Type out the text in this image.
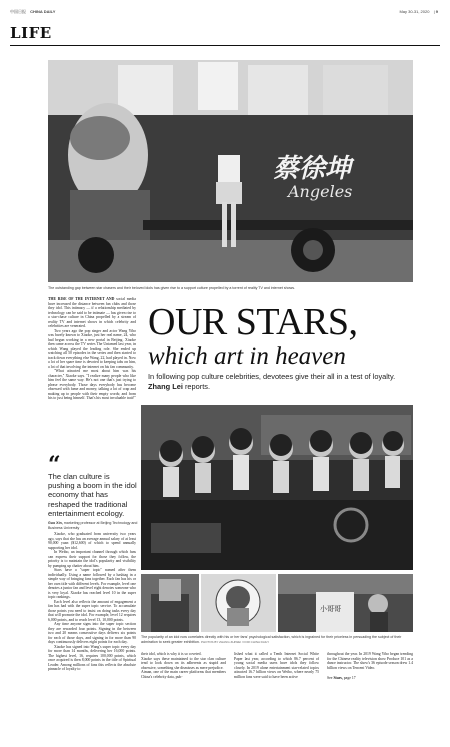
中国日报 CHINA DAILY	May 30-31, 2020 | 9
LIFE
蔡徐坤
Angeles
The outstanding gap between star chasers and their beloved idols has given rise to a support culture propelled by a torrent of reality TV and internet shows.
THE RISE OF THE INTERNET AND social media have increased the distance between fan clubs and those they idol. This intimacy — if a relationship mediated by technology can be said to be intimate — has given rise to a star-chase culture in China propelled by a stream of reality TV and internet shows in which celebrity and celebrities are venerated.
Two years ago the pop singer and actor Wang Yibo was barely known to Xiaoke, just her real name, 24, who had begun working in a new portal in Beijing. Xiaoke then came across the TV series The Untamed last year, in which Wang played the leading role. She ended up watching all 50 episodes in the series and then started to track down everything else Wang, 22, had played in. Now a lot of her spare time is devoted to keeping tabs on him, a lot of that involving the internet on his fan community.
"What attracted me most about him was his character," Xiaoke says. "I realize many people who like him feel the same way. He's not one that's just trying to please everybody. Those days everybody has become obsessed with fame and money, talking a lot of crap and making up to people with their empty words; and from his to just being himself. That's his most invaluable trait!"
OUR STARS,
which art in heaven
In following pop culture celebrities, devotees give their all in a test of loyalty. Zhang Lei reports.
“
The clan culture is pushing a boom in the idol economy that has reshaped the traditional entertainment ecology.
Guo Xin, marketing professor at Beijing Technology and Business University
Xiaoke, who graduated from university two years ago, says that she has an average annual salary of at least 90,000 yuan ($12,600) of which to spend annually supporting her idol.
In Weibo, an important channel through which fans can express their support for those they follow, the priority is to maintain the idol's popularity and visibility by pumping up chatter about him.
Stars have a "super topic" named after them individually. Using a name followed by a hashtag in a simple way of bringing fans together. Each fan has his or her own title with different levels. For example, level one denotes a junior fan and level eight denotes someone who is very loyal. Xiaoke has reached level 10 in the super topic rankings.
Each level also reflects the amount of engagement a fan has had with the super topic service. To accumulate those points you need to insist on doing tasks every day that will promote the idol. For example, level 12 requires 6,000 points, and to reach level 13, 10,000 points.
Any time anyone signs into the super topic section they are rewarded four points. Signing in the between two and 20 means consecutive days delivers six points for each of those days, and signing in for more than 90 days continuously delivers eight points for each day.
Xiaoke has signed into Wang's super topic every day for more than 14 months, delivering her 16,000 points. The highest level, 16, requires 100,000 points, which once acquired is then 8,000 points in the title of Spiritual Leader. Among millions of fans this reflects the absolute pinnacle of loyalty to
小哥哥
The popularity of an idol now correlates directly with his or her fans' psychological satisfaction, which is ingrained for their priceless in persuading the subject of their admiration to seek greater exhibition. PHOTOS BY ZHANG ZHIWEI / FOR CHINA DAILY
their idol, which is why it is so coveted.
Xiaoke says these maintained to the star clan culture tend to look down on its adherents as stupid and obsessive, something she dismisses as mere prejudice.
Aiman, one of the main career platforms that members China's celebrity data, pub-
lished what it called a Tenth Internet Social White Paper last year, according to which 86.7 percent of young social media users have idols they follow closely. In 2019 alone entertainment star-related topics attracted 16.7 billion views on Weibo, where nearly 75 million fans were said to have been active
throughout the year. In 2019 Wang Yibo began trending for the Chinese reality television show Produce 101 as a dance instructor. The show's 36 episode season drew 1.4 billion views on Tencent Video.
See Stars, page 17
